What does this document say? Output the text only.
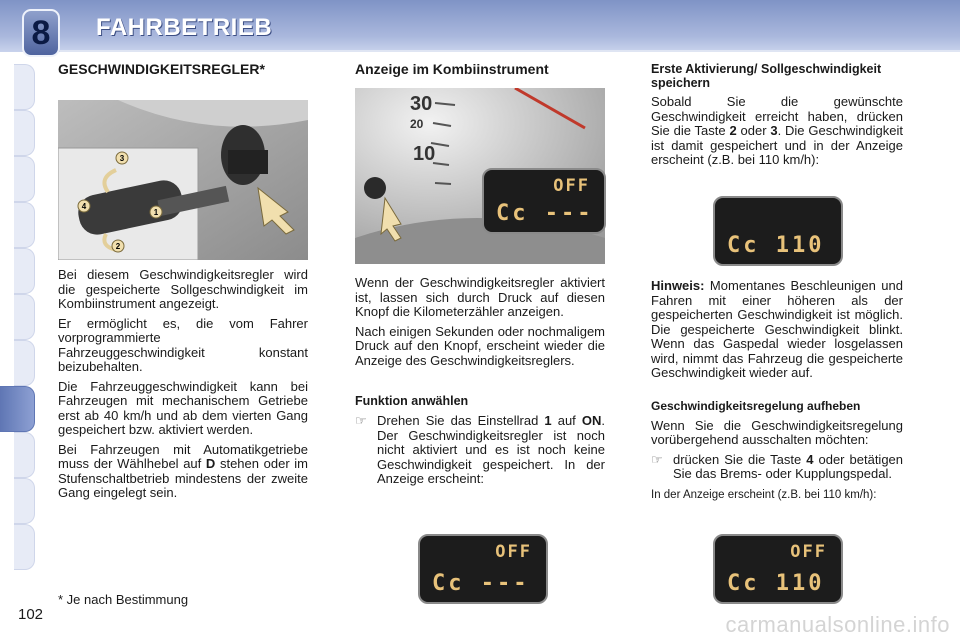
8	FAHRBETRIEB
GESCHWINDIGKEITSREGLER*
3
4
1
2

Bei diesem Geschwindigkeitsregler wird die gespeicherte Sollgeschwindigkeit im Kombiinstrument angezeigt.

Er ermöglicht es, die vom Fahrer vorprogrammierte Fahrzeuggeschwindigkeit konstant beizubehalten.

Die Fahrzeuggeschwindigkeit kann bei Fahrzeugen mit mechanischem Getriebe erst ab 40 km/h und ab dem vierten Gang gespeichert bzw. aktiviert werden.

Bei Fahrzeugen mit Automatikgetriebe muss der Wählhebel auf D stehen oder im Stufenschaltbetrieb mindestens der zweite Gang eingelegt sein.

Anzeige im Kombiinstrument
30
20
10
OFF
Cc ---

Wenn der Geschwindigkeitsregler aktiviert ist, lassen sich durch Druck auf diesen Knopf die Kilometerzähler anzeigen.

Nach einigen Sekunden oder nochmaligem Druck auf den Knopf, erscheint wieder die Anzeige des Geschwindigkeitsreglers.

Funktion anwählen
☞ Drehen Sie das Einstellrad 1 auf ON. Der Geschwindigkeitsregler ist noch nicht aktiviert und es ist noch keine Geschwindigkeit gespeichert. In der Anzeige erscheint:
OFF
Cc ---
Erste Aktivierung/ Sollgeschwindigkeit speichern

Sobald Sie die gewünschte Geschwindigkeit erreicht haben, drücken Sie die Taste 2 oder 3. Die Geschwindigkeit ist damit gespeichert und in der Anzeige erscheint (z.B. bei 110 km/h):

Cc 110

Hinweis: Momentanes Beschleunigen und Fahren mit einer höheren als der gespeicherten Geschwindigkeit ist möglich. Die gespeicherte Geschwindigkeit blinkt. Wenn das Gaspedal wieder losgelassen wird, nimmt das Fahrzeug die gespeicherte Geschwindigkeit wieder auf.

Geschwindigkeitsregelung aufheben

Wenn Sie die Geschwindigkeitsregelung vorübergehend ausschalten möchten:

☞ drücken Sie die Taste 4 oder betätigen Sie das Brems- oder Kupplungspedal.

In der Anzeige erscheint (z.B. bei 110 km/h):

OFF
Cc 110
* Je nach Bestimmung
102	carmanualsonline.info
